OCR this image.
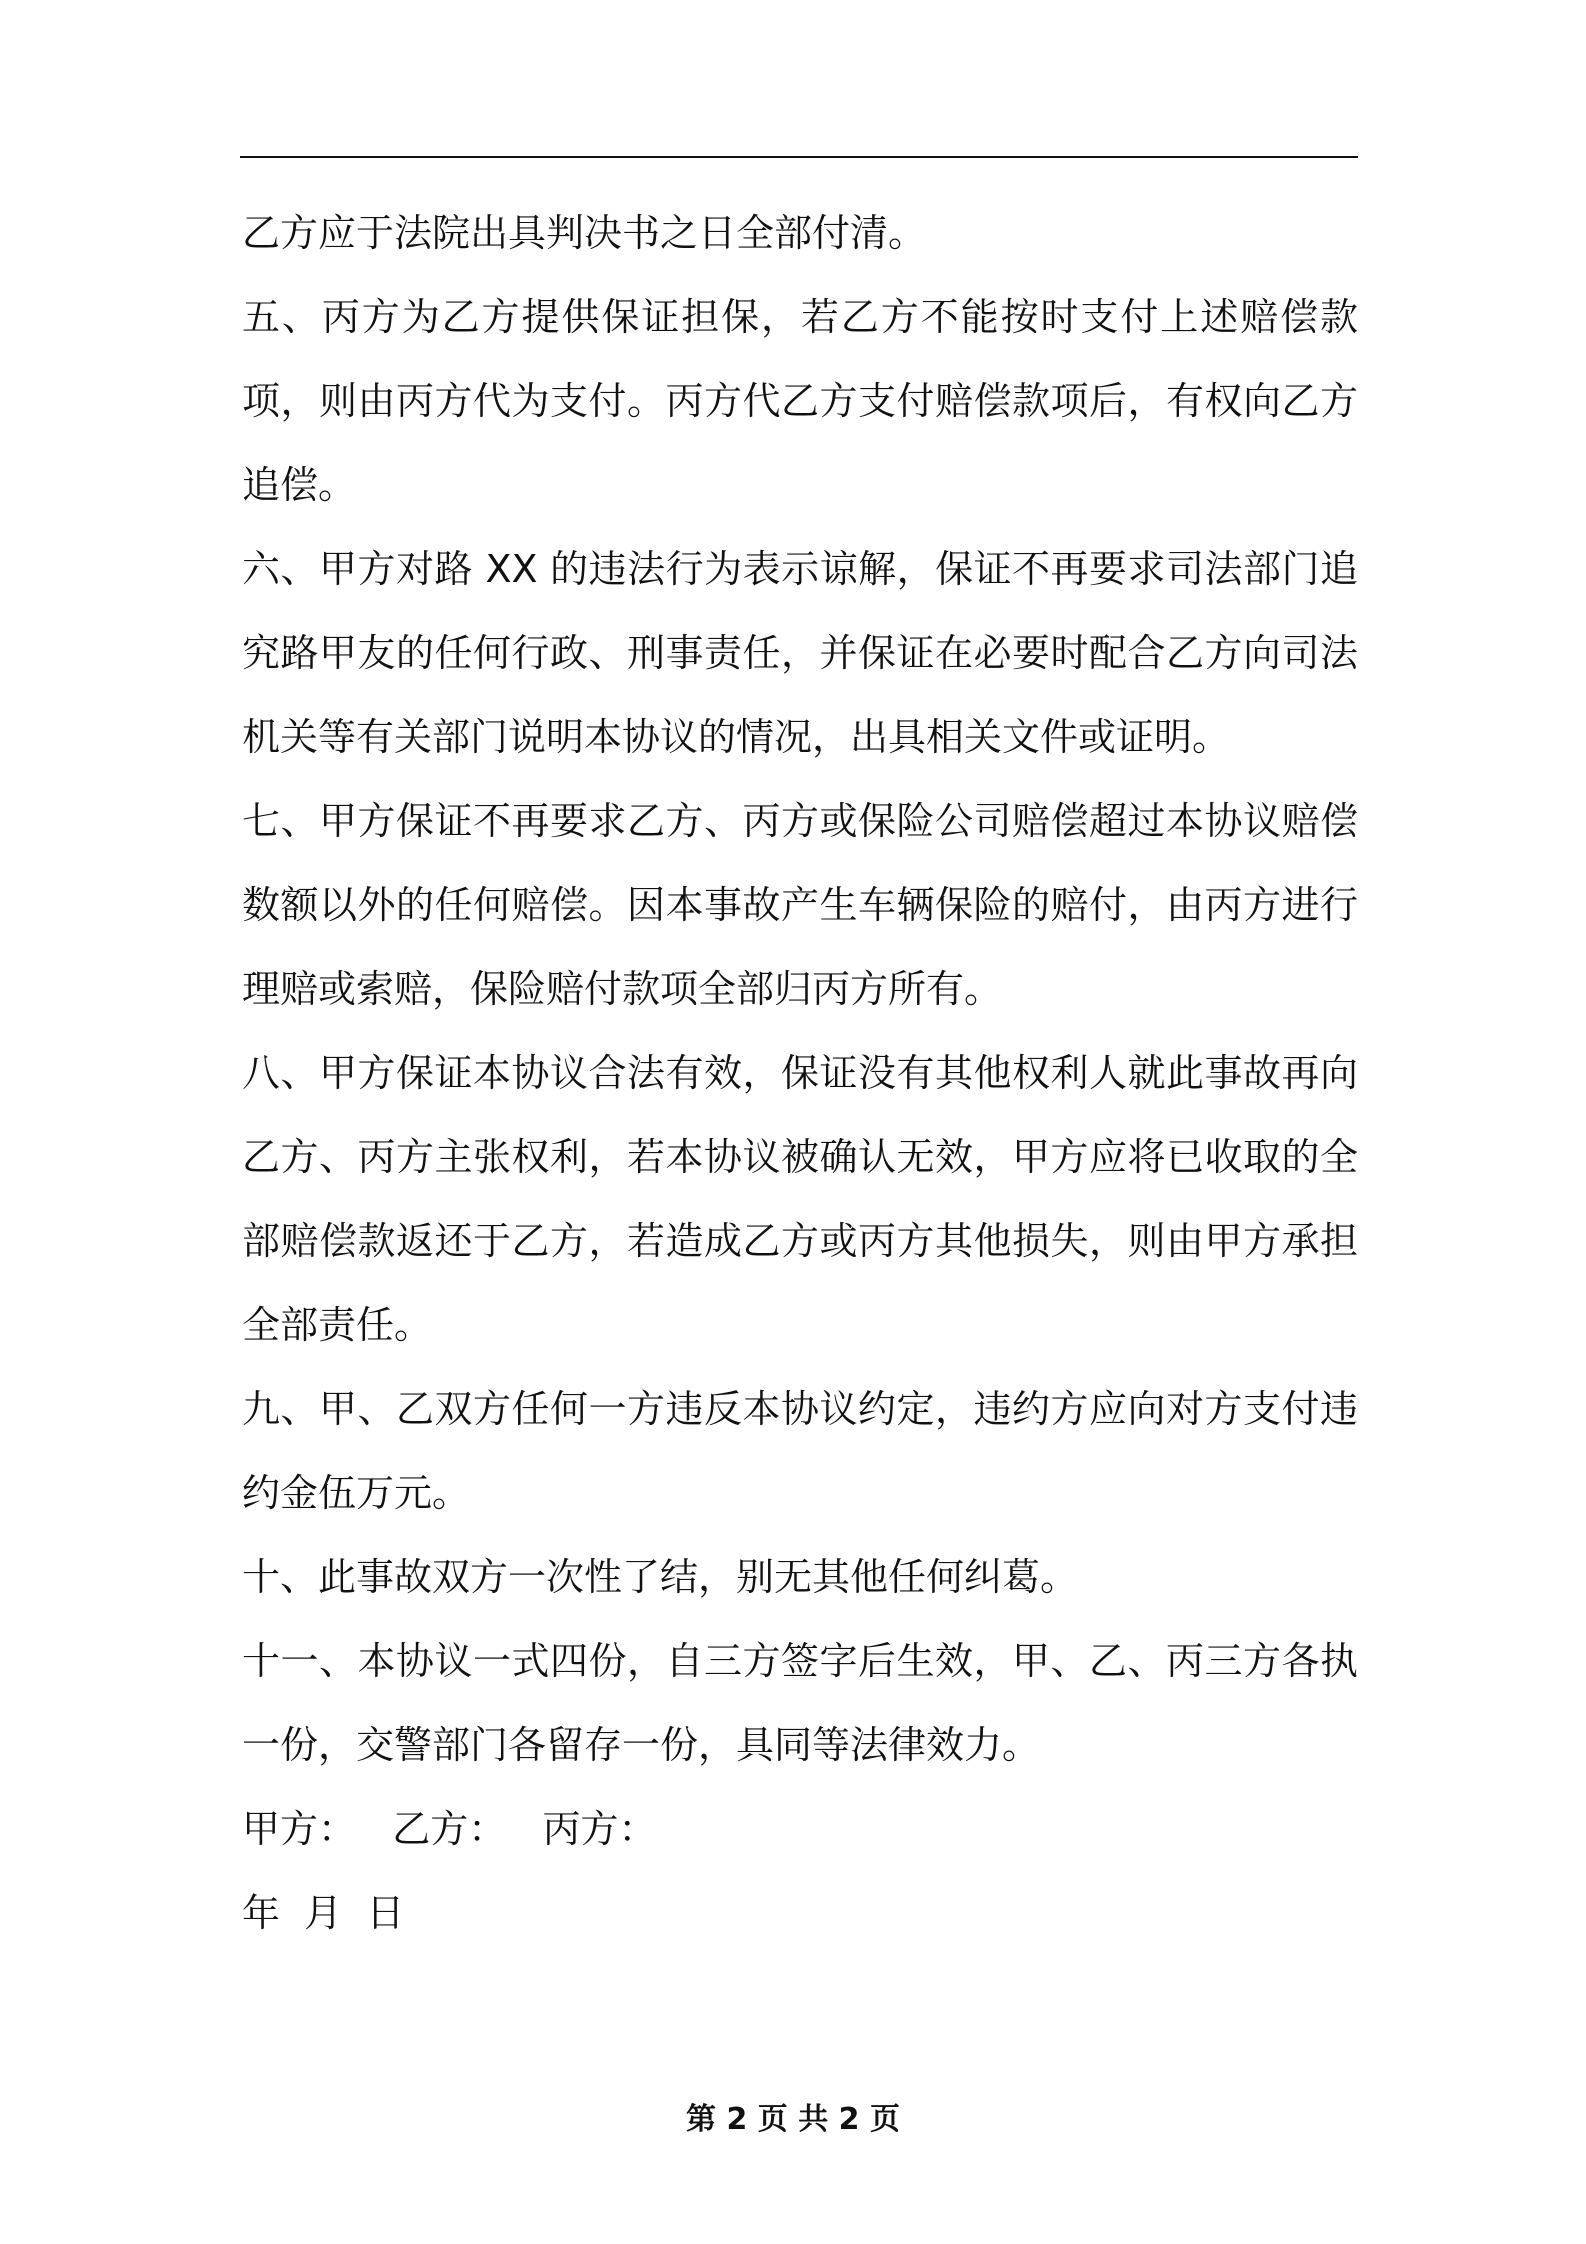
乙方应于法院出具判决书之日全部付清。

五、丙方为乙方提供保证担保，若乙方不能按时支付上述赔偿款项，则由丙方代为支付。丙方代乙方支付赔偿款项后，有权向乙方追偿。

六、甲方对路 XX 的违法行为表示谅解，保证不再要求司法部门追究路甲友的任何行政、刑事责任，并保证在必要时配合乙方向司法机关等有关部门说明本协议的情况，出具相关文件或证明。

七、甲方保证不再要求乙方、丙方或保险公司赔偿超过本协议赔偿数额以外的任何赔偿。因本事故产生车辆保险的赔付，由丙方进行理赔或索赔，保险赔付款项全部归丙方所有。

八、甲方保证本协议合法有效，保证没有其他权利人就此事故再向乙方、丙方主张权利，若本协议被确认无效，甲方应将已收取的全部赔偿款返还于乙方，若造成乙方或丙方其他损失，则由甲方承担全部责任。

九、甲、乙双方任何一方违反本协议约定，违约方应向对方支付违约金伍万元。

十、此事故双方一次性了结，别无其他任何纠葛。

十一、本协议一式四份，自三方签字后生效，甲、乙、丙三方各执一份，交警部门各留存一份，具同等法律效力。

甲方：   乙方：   丙方：
年  月  日
第 2 页 共 2 页
